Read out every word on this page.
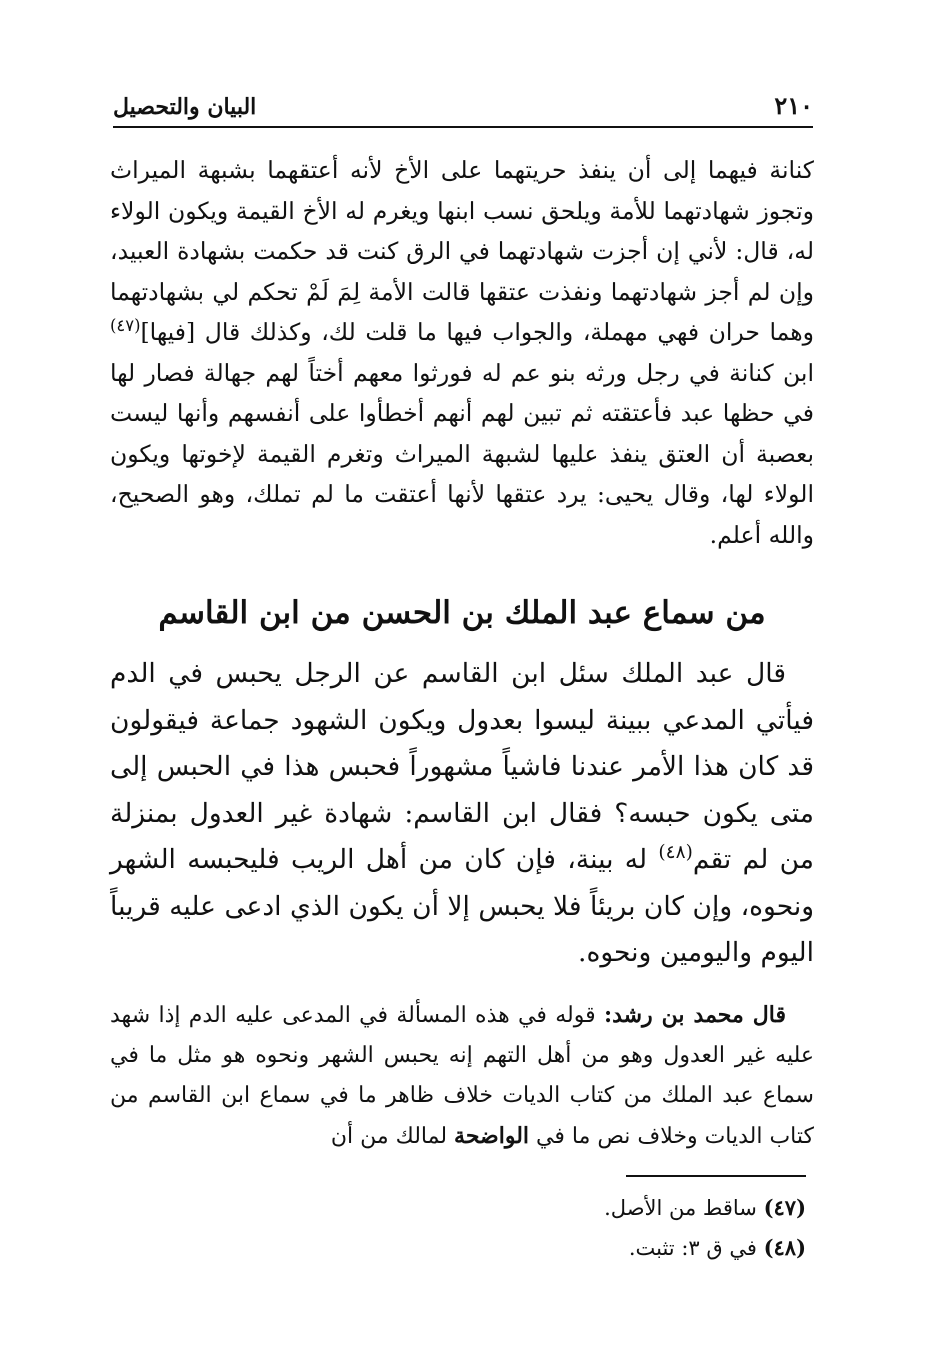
٢١٠
البيان والتحصيل

كنانة فيهما إلى أن ينفذ حريتهما على الأخ لأنه أعتقهما بشبهة الميراث وتجوز شهادتهما للأمة ويلحق نسب ابنها ويغرم له الأخ القيمة ويكون الولاء له، قال: لأني إن أجزت شهادتهما في الرق كنت قد حكمت بشهادة العبيد، وإن لم أجز شهادتهما ونفذت عتقها قالت الأمة لِمَ لَمْ تحكم لي بشهادتهما وهما حران فهي مهملة، والجواب فيها ما قلت لك، وكذلك قال [فيها]$^{(٤٧)}$ ابن كنانة في رجل ورثه بنو عم له فورثوا معهم أختاً لهم جهالة فصار لها في حظها عبد فأعتقته ثم تبين لهم أنهم أخطأوا على أنفسهم وأنها ليست بعصبة أن العتق ينفذ عليها لشبهة الميراث وتغرم القيمة لإخوتها ويكون الولاء لها، وقال يحيى: يرد عتقها لأنها أعتقت ما لم تملك، وهو الصحيح، والله أعلم.

من سماع عبد الملك بن الحسن من ابن القاسم

قال عبد الملك سئل ابن القاسم عن الرجل يحبس في الدم فيأتي المدعي ببينة ليسوا بعدول ويكون الشهود جماعة فيقولون قد كان هذا الأمر عندنا فاشياً مشهوراً فحبس هذا في الحبس إلى متى يكون حبسه؟ فقال ابن القاسم: شهادة غير العدول بمنزلة من لم تقم$^{(٤٨)}$ له بينة، فإن كان من أهل الريب فليحبسه الشهر ونحوه، وإن كان بريئاً فلا يحبس إلا أن يكون الذي ادعى عليه قريباً اليوم واليومين ونحوه.

قال محمد بن رشد: قوله في هذه المسألة في المدعى عليه الدم إذا شهد عليه غير العدول وهو من أهل التهم إنه يحبس الشهر ونحوه هو مثل ما في سماع عبد الملك من كتاب الديات خلاف ظاهر ما في سماع ابن القاسم من كتاب الديات وخلاف نص ما في الواضحة لمالك من أن

(٤٧) ساقط من الأصل.
(٤٨) في ق ٣: تثبت.
